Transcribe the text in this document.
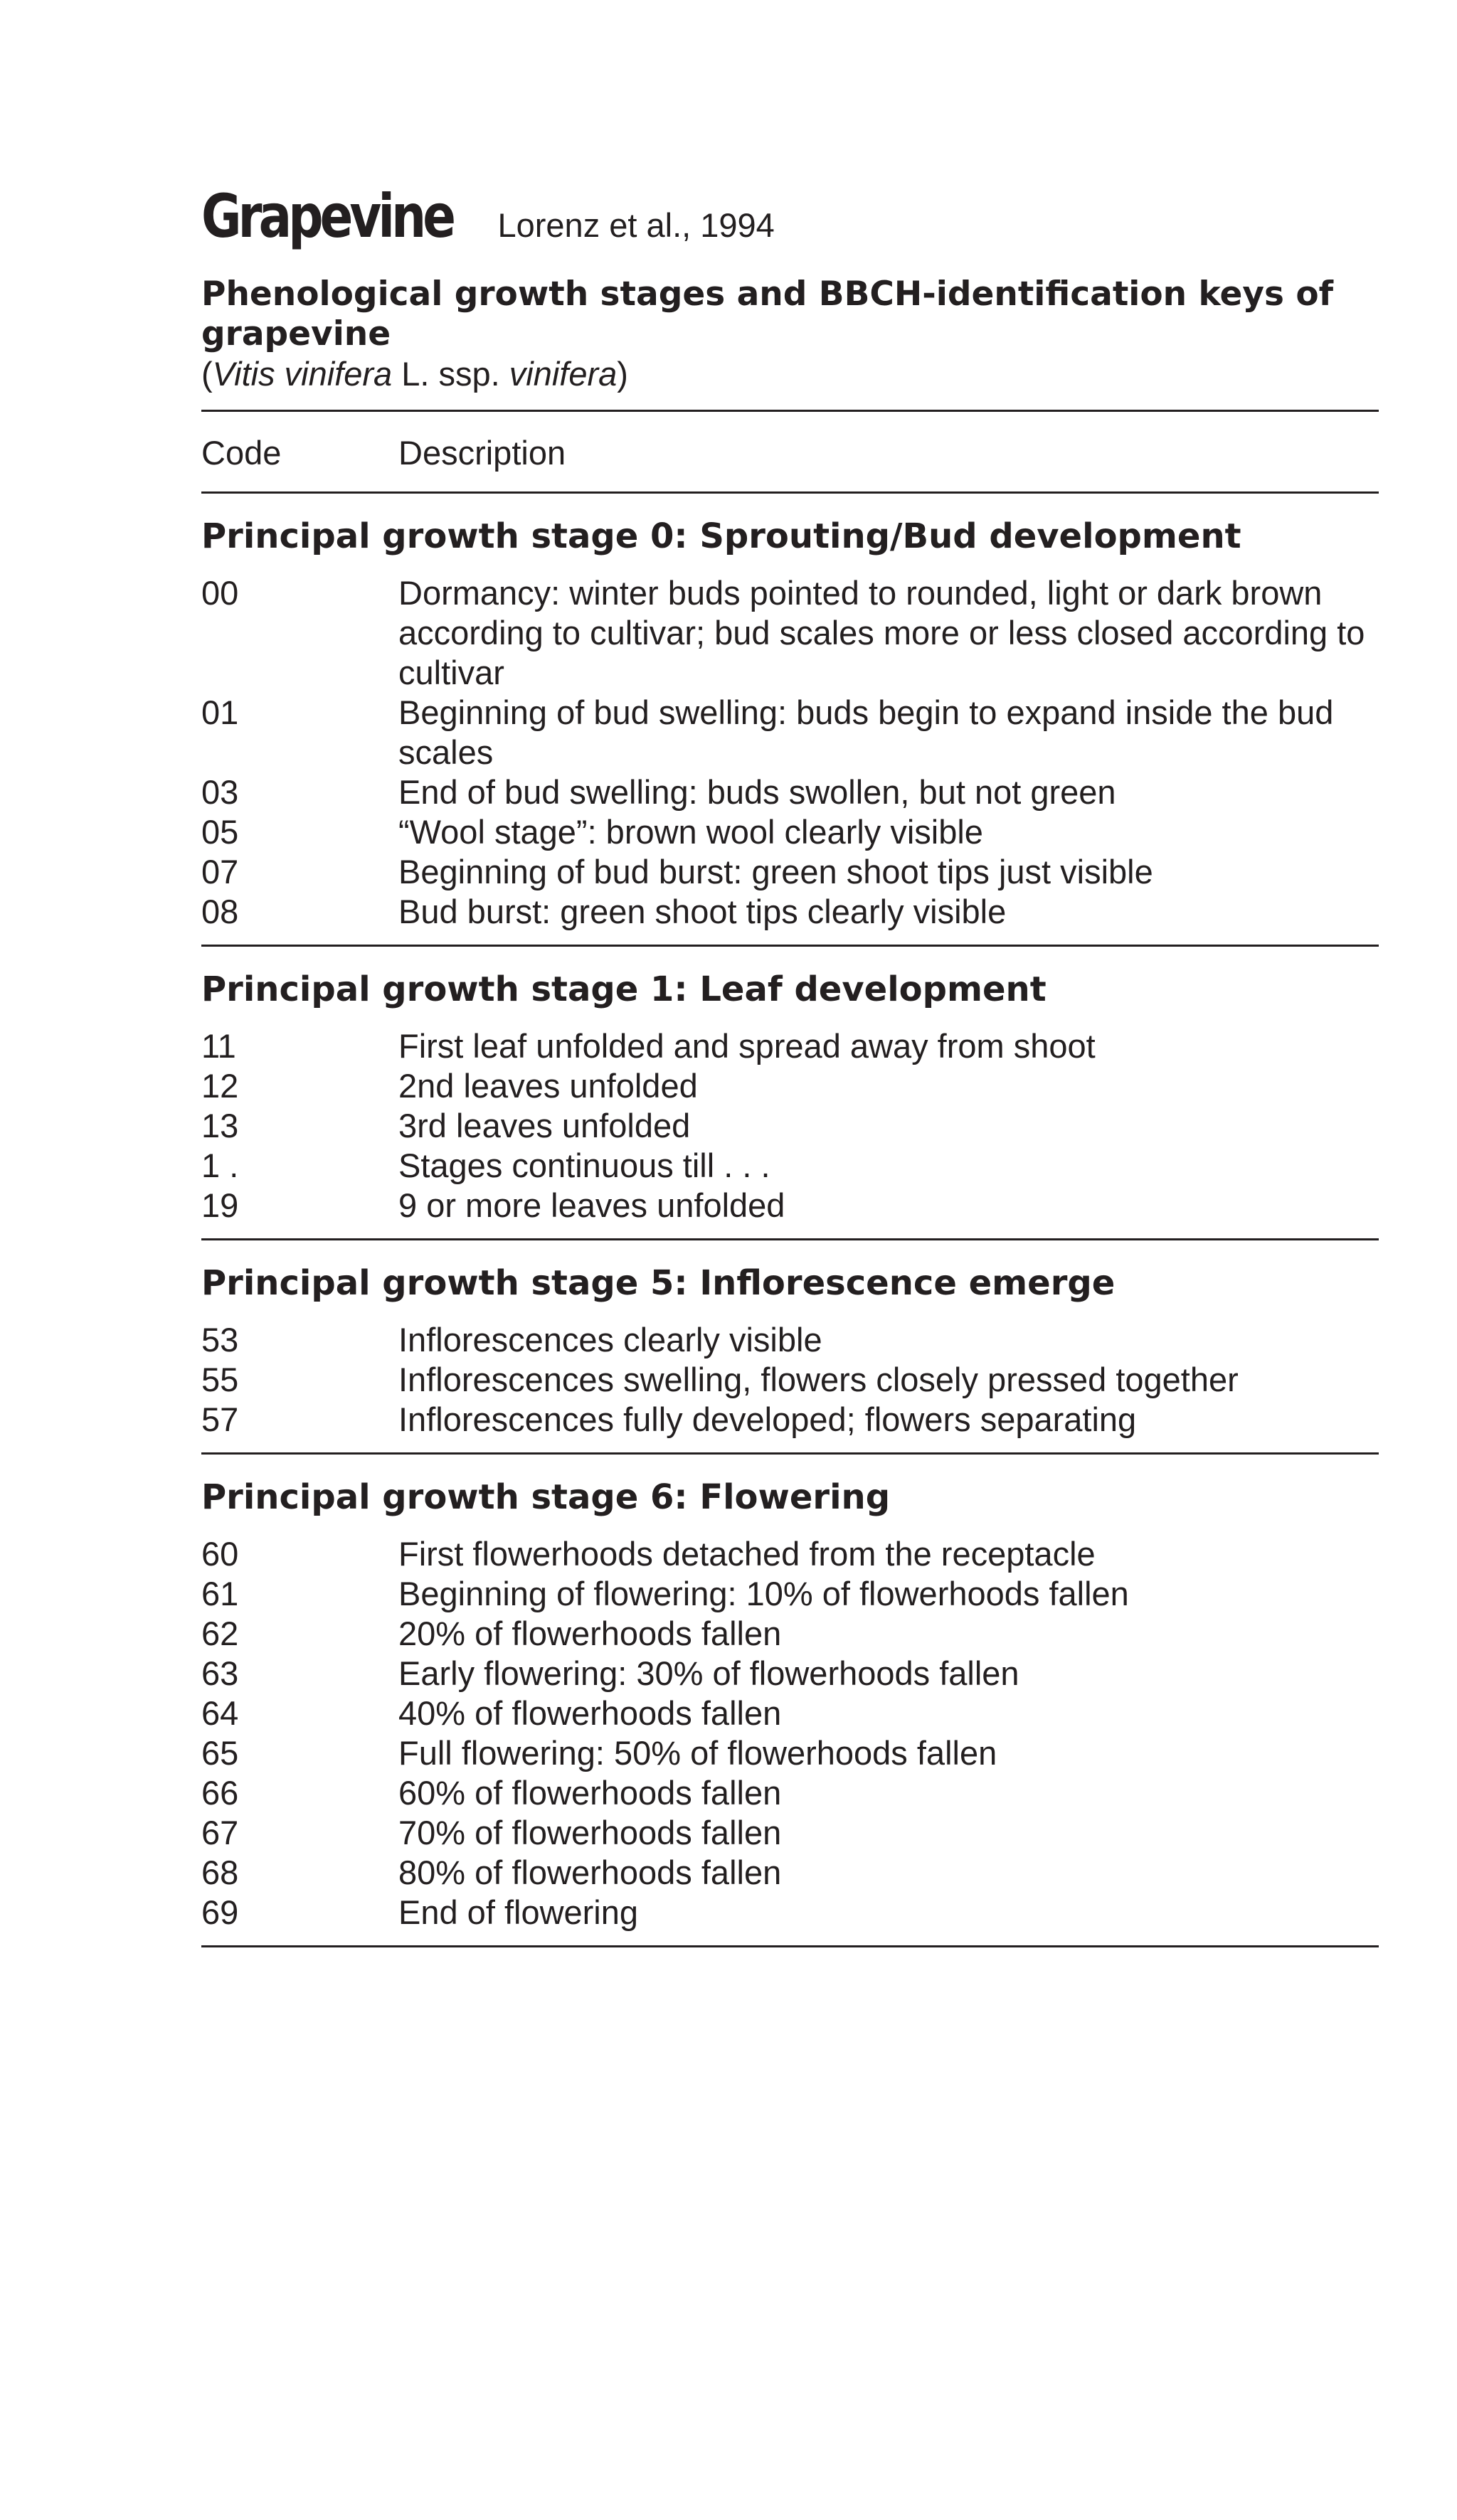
Grapevine Lorenz et al., 1994
Phenological growth stages and BBCH-identification keys of grapevine
(Vitis vinifera L. ssp. vinifera)
Code	Description
Principal growth stage 0: Sprouting/Bud development
00	Dormancy: winter buds pointed to rounded, light or dark brown according to cultivar; bud scales more or less closed according to cultivar
01	Beginning of bud swelling: buds begin to expand inside the bud scales
03	End of bud swelling: buds swollen, but not green
05	“Wool stage”: brown wool clearly visible
07	Beginning of bud burst: green shoot tips just visible
08	Bud burst: green shoot tips clearly visible
Principal growth stage 1: Leaf development
11	First leaf unfolded and spread away from shoot
12	2nd leaves unfolded
13	3rd leaves unfolded
1 .	Stages continuous till . . .
19	9 or more leaves unfolded
Principal growth stage 5: Inflorescence emerge
53	Inflorescences clearly visible
55	Inflorescences swelling, flowers closely pressed together
57	Inflorescences fully developed; flowers separating
Principal growth stage 6: Flowering
60	First flowerhoods detached from the receptacle
61	Beginning of flowering: 10% of flowerhoods fallen
62	20% of flowerhoods fallen
63	Early flowering: 30% of flowerhoods fallen
64	40% of flowerhoods fallen
65	Full flowering: 50% of flowerhoods fallen
66	60% of flowerhoods fallen
67	70% of flowerhoods fallen
68	80% of flowerhoods fallen
69	End of flowering
